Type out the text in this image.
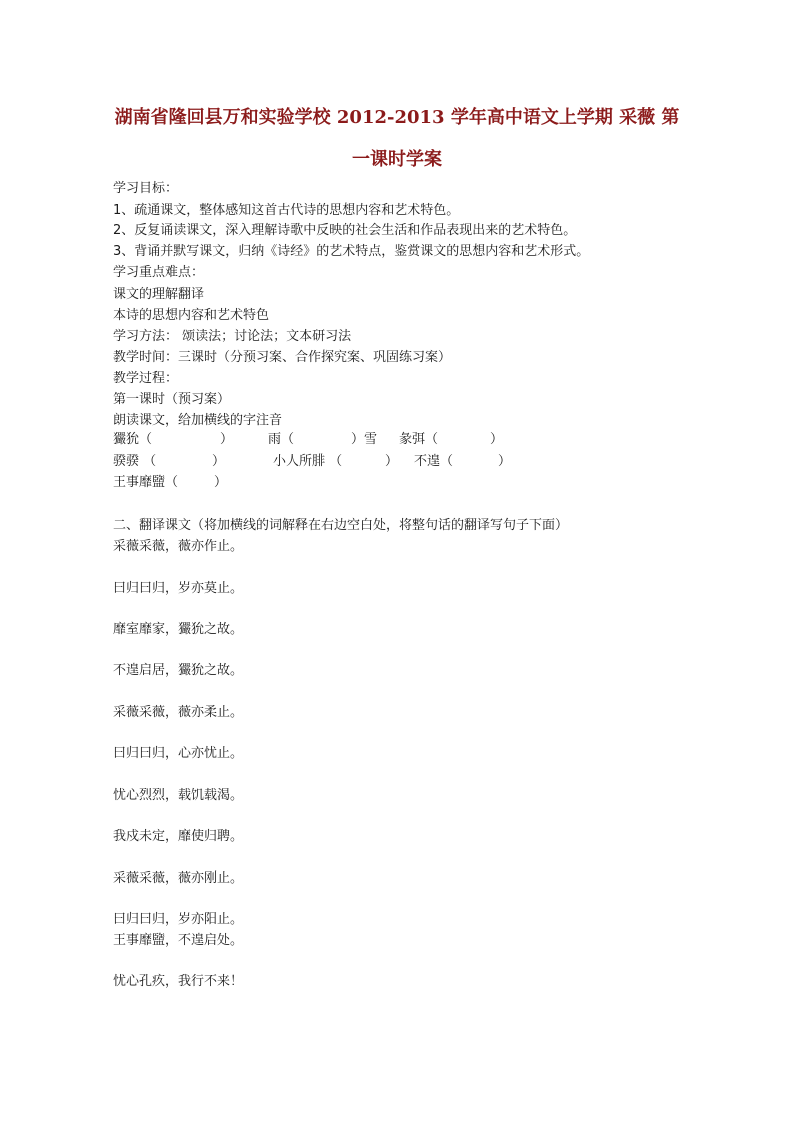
湖南省隆回县万和实验学校 2012-2013 学年高中语文上学期 采薇 第
一课时学案
学习目标：
1、疏通课文，整体感知这首古代诗的思想内容和艺术特色。
2、反复诵读课文，深入理解诗歌中反映的社会生活和作品表现出来的艺术特色。
3、背诵并默写课文，归纳《诗经》的艺术特点，鉴赏课文的思想内容和艺术形式。
学习重点难点：
课文的理解翻译
本诗的思想内容和艺术特色
学习方法： 颂读法；讨论法；文本研习法
教学时间：三课时（分预习案、合作探究案、巩固练习案）
教学过程：
第一课时（预习案）
朗读课文，给加横线的字注音
玁狁（	）	雨（	）雪 彖弭（	）
骙骙 （	）	小人所腓 （	） 不遑（	）
王事靡盬（	）
二、翻译课文（将加横线的词解释在右边空白处，将整句话的翻译写句子下面）
采薇采薇，薇亦作止。
曰归曰归，岁亦莫止。
靡室靡家，玁狁之故。
不遑启居，玁狁之故。
采薇采薇，薇亦柔止。
曰归曰归，心亦忧止。
忧心烈烈，载饥载渴。
我戍未定，靡使归聘。
采薇采薇，薇亦刚止。
曰归曰归，岁亦阳止。
王事靡盬，不遑启处。
忧心孔疚，我行不来！
